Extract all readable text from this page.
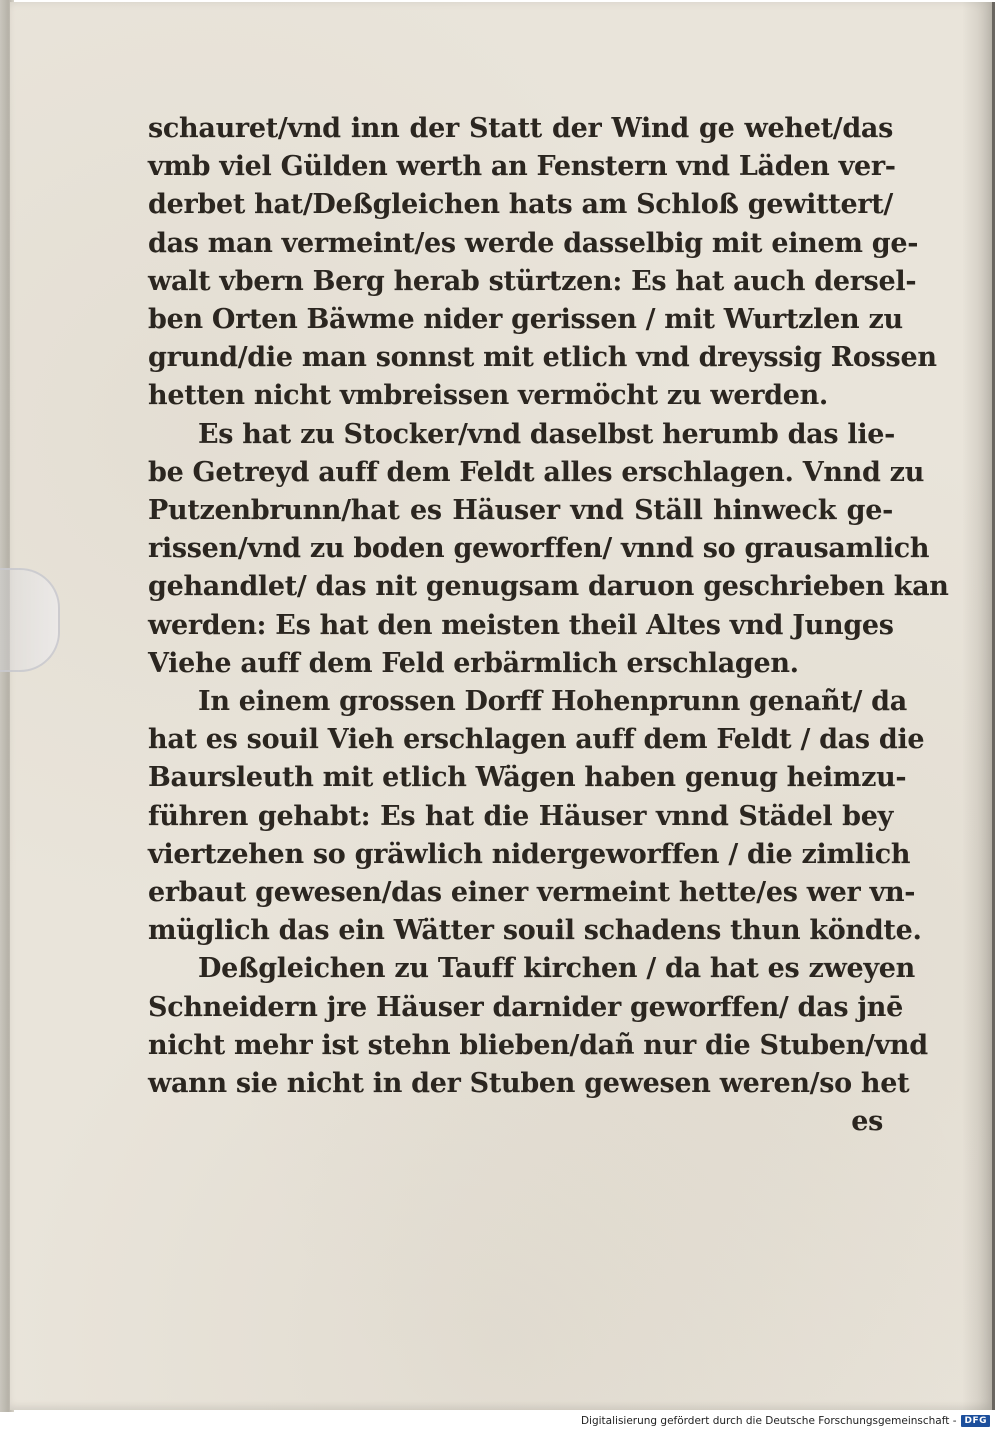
schauret/vnd inn der Statt der Wind ge wehet/das
vmb viel Gülden werth an Fenstern vnd Läden ver-
derbet hat/Deßgleichen hats am Schloß gewittert/
das man vermeint/es werde dasselbig mit einem ge-
walt vbern Berg herab stürtzen: Es hat auch dersel-
ben Orten Bäwme nider gerissen / mit Wurtzlen zu
grund/die man sonnst mit etlich vnd dreyssig Rossen
hetten nicht vmbreissen vermöcht zu werden.
Es hat zu Stocker/vnd daselbst herumb das lie-
be Getreyd auff dem Feldt alles erschlagen. Vnnd zu
Putzenbrunn/hat es Häuser vnd Ställ hinweck ge-
rissen/vnd zu boden geworffen/ vnnd so grausamlich
gehandlet/ das nit genugsam daruon geschrieben kan
werden: Es hat den meisten theil Altes vnd Junges
Viehe auff dem Feld erbärmlich erschlagen.
In einem grossen Dorff Hohenprunn genañt/ da
hat es souil Vieh erschlagen auff dem Feldt / das die
Baursleuth mit etlich Wägen haben genug heimzu-
führen gehabt: Es hat die Häuser vnnd Städel bey
viertzehen so gräwlich nidergeworffen / die zimlich
erbaut gewesen/das einer vermeint hette/es wer vn-
müglich das ein Wätter souil schadens thun köndte.
Deßgleichen zu Tauff kirchen / da hat es zweyen
Schneidern jre Häuser darnider geworffen/ das jnē
nicht mehr ist stehn blieben/dañ nur die Stuben/vnd
wann sie nicht in der Stuben gewesen weren/so het
es
Digitalisierung gefördert durch die Deutsche Forschungsgemeinschaft - DFG
